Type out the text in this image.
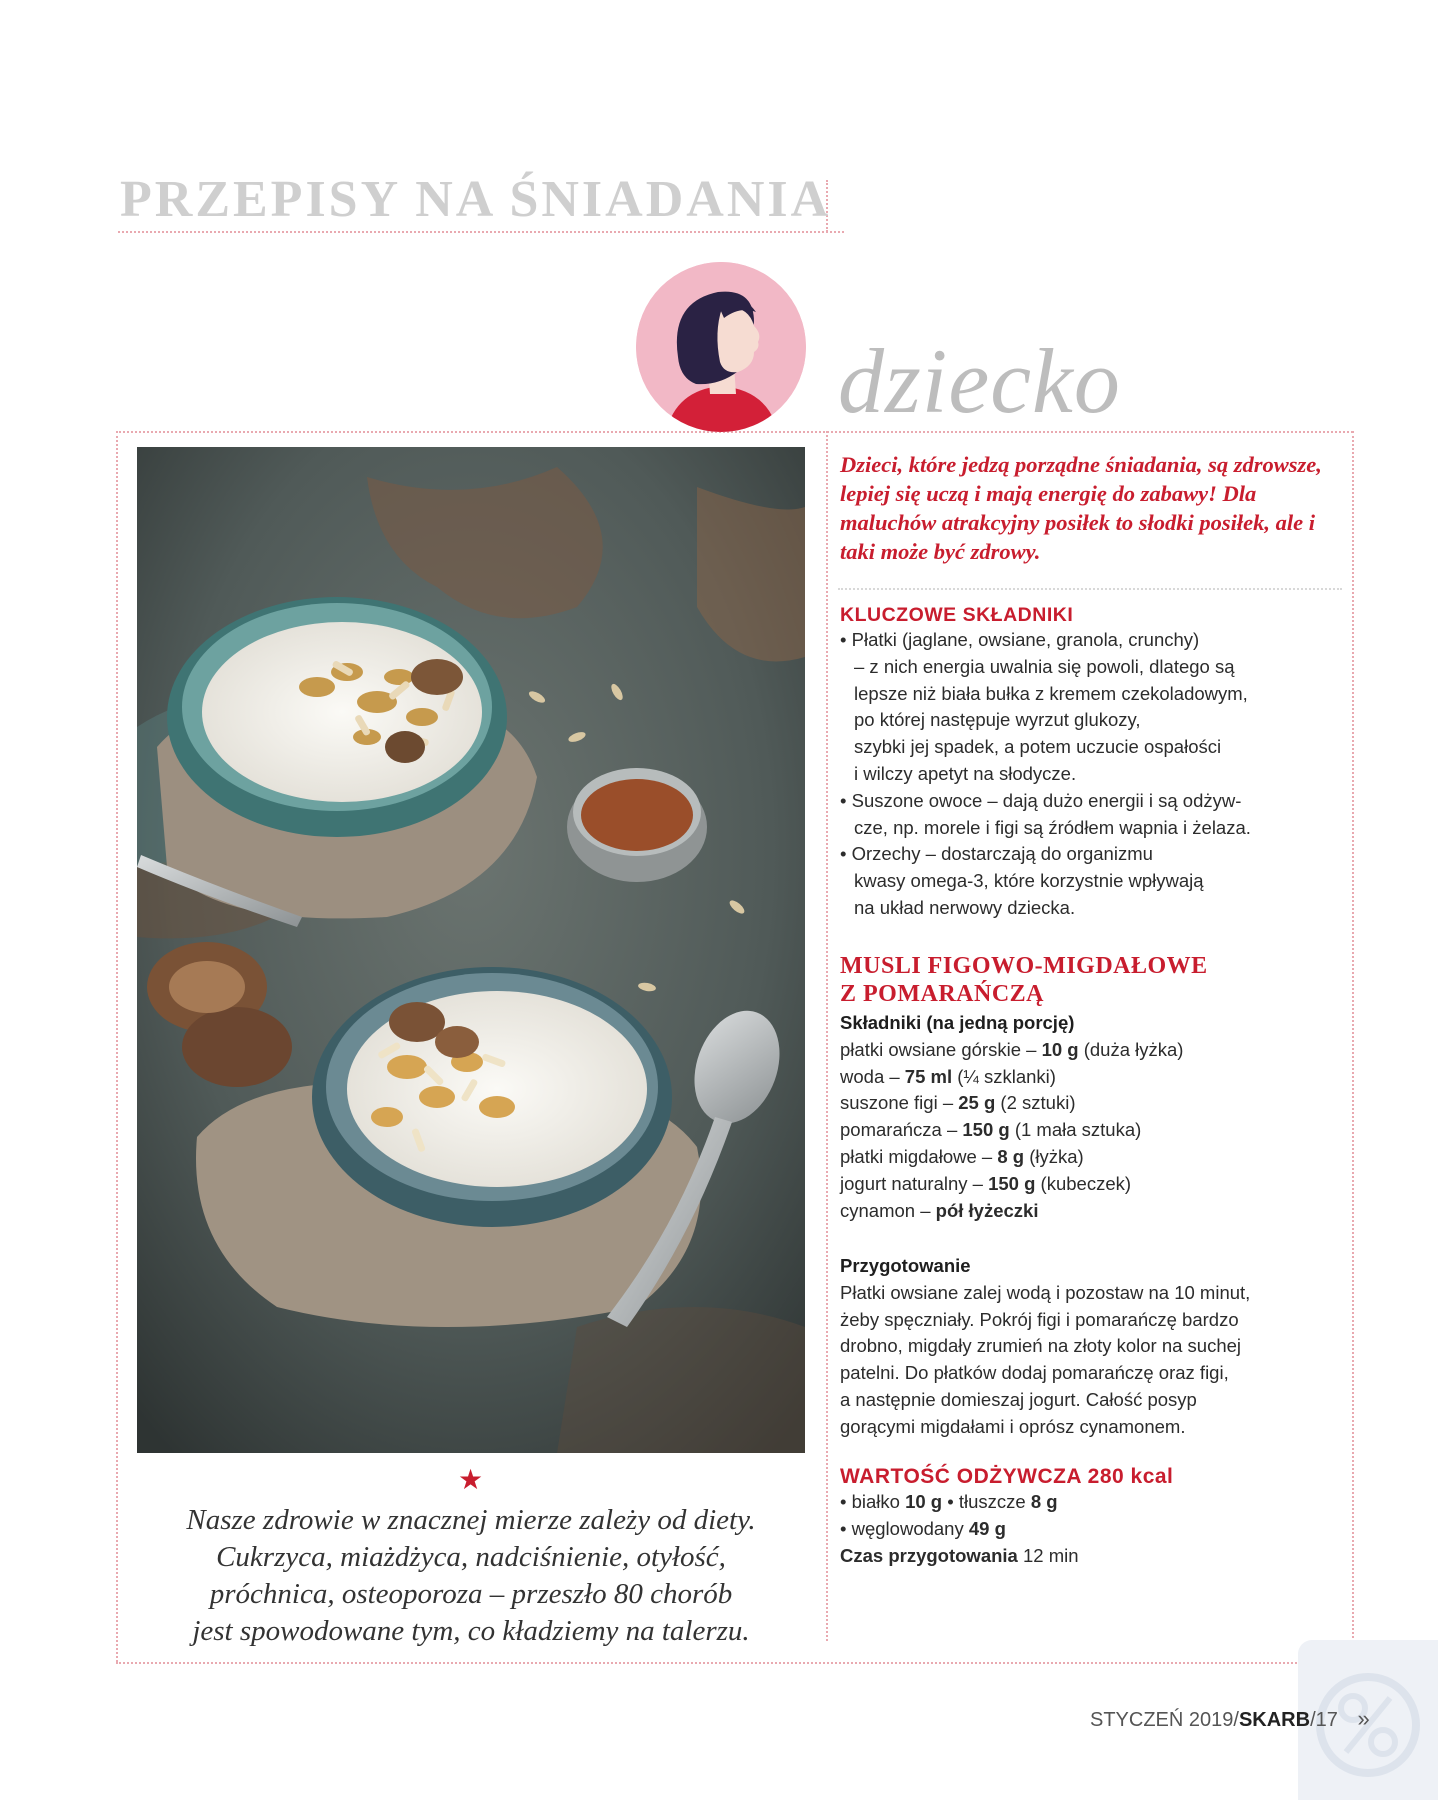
PRZEPISY NA ŚNIADANIA
dziecko
Dzieci, które jedzą porządne śniadania, są zdrowsze, lepiej się uczą i mają energię do zabawy! Dla maluchów atrakcyjny posiłek to słodki posiłek, ale i taki może być zdrowy.
KLUCZOWE SKŁADNIKI
• Płatki (jaglane, owsiane, granola, crunchy)
– z nich energia uwalnia się powoli, dlatego są
lepsze niż biała bułka z kremem czekoladowym,
po której następuje wyrzut glukozy,
szybki jej spadek, a potem uczucie ospałości
i wilczy apetyt na słodycze.
• Suszone owoce – dają dużo energii i są odżyw-
cze, np. morele i figi są źródłem wapnia i żelaza.
• Orzechy – dostarczają do organizmu
kwasy omega-3, które korzystnie wpływają
na układ nerwowy dziecka.
MUSLI FIGOWO-MIGDAŁOWE
Z POMARAŃCZĄ
Składniki (na jedną porcję)
płatki owsiane górskie – 10 g (duża łyżka)
woda – 75 ml (¼ szklanki)
suszone figi – 25 g (2 sztuki)
pomarańcza – 150 g (1 mała sztuka)
płatki migdałowe – 8 g (łyżka)
jogurt naturalny – 150 g (kubeczek)
cynamon – pół łyżeczki
Przygotowanie
Płatki owsiane zalej wodą i pozostaw na 10 minut,
żeby spęczniały. Pokrój figi i pomarańczę bardzo
drobno, migdały zrumień na złoty kolor na suchej
patelni. Do płatków dodaj pomarańczę oraz figi,
a następnie domieszaj jogurt. Całość posyp
gorącymi migdałami i oprósz cynamonem.
WARTOŚĆ ODŻYWCZA 280 kcal
• białko 10 g • tłuszcze 8 g
• węglowodany 49 g
Czas przygotowania 12 min
★
Nasze zdrowie w znacznej mierze zależy od diety.
Cukrzyca, miażdżyca, nadciśnienie, otyłość,
próchnica, osteoporoza – przeszło 80 chorób
jest spowodowane tym, co kładziemy na talerzu.
STYCZEŃ 2019/SKARB/17 »
